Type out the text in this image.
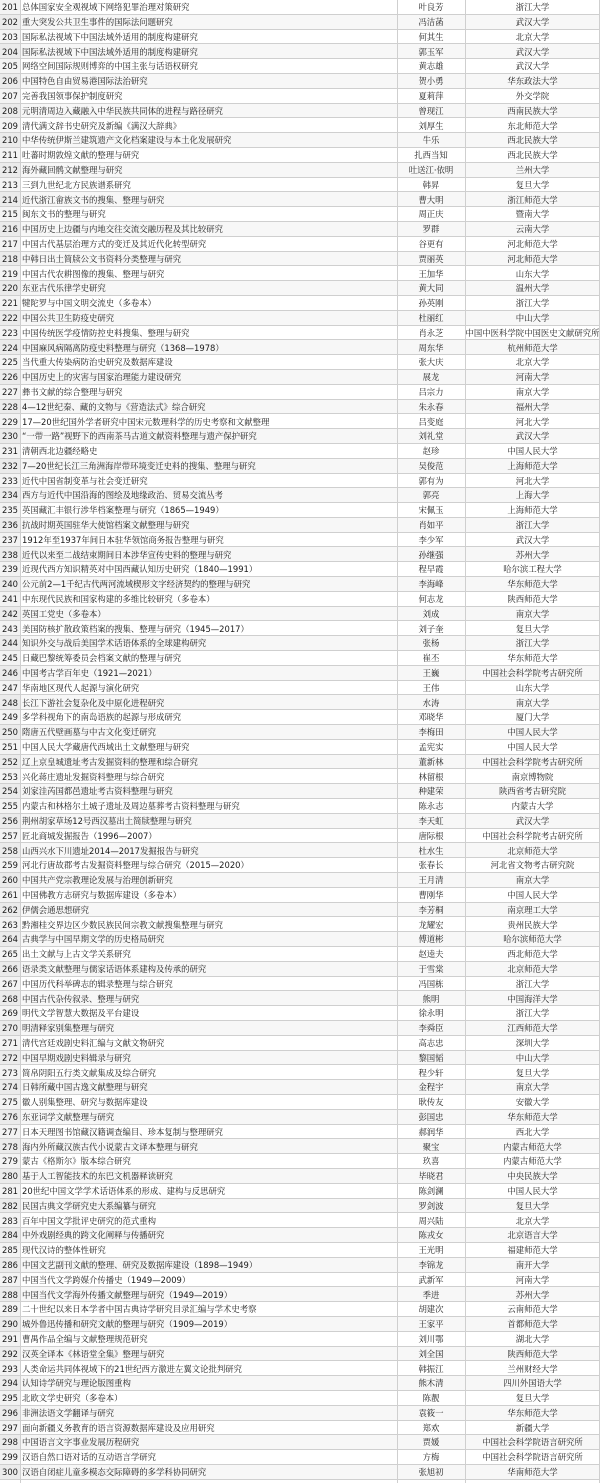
201 总体国家安全观视域下网络犯罪治理对策研究	叶良芳	浙江大学
202 重大突发公共卫生事件的国际法问题研究	冯洁菡	武汉大学
203 国际私法视域下中国法域外适用的制度构建研究	何其生	北京大学
204 国际私法视域下中国法域外适用的制度构建研究	郭玉军	武汉大学
205 网络空间国际规则博弈的中国主张与话语权研究	黄志雄	武汉大学
206 中国特色自由贸易港国际法治研究	贺小勇	华东政法大学
207 完善我国领事保护制度研究	夏莉萍	外交学院
208 元明清周边入藏融入中华民族共同体的进程与路径研究	曾现江	西南民族大学
209 清代满文辞书史研究及新编《满汉大辞典》	刘厚生	东北师范大学
210 中华传统伊斯兰建筑遗产文化档案建设与本土化发展研究	牛乐	西北民族大学
211 吐蕃时期敦煌文献的整理与研究	扎西当知	西北民族大学
212 海外藏回鹘文献整理与研究	吐送江·依明	兰州大学
213 三到九世纪北方民族谱系研究	韩昇	复旦大学
214 近代浙江畲族文书的搜集、整理与研究	曹大明	浙江师范大学
215 闽东文书的整理与研究	周正庆	暨南大学
216 中国历史上边疆与内地交往交流交融历程及其比较研究	罗群	云南大学
217 中国古代基层治理方式的变迁及其近代化转型研究	谷更有	河北师范大学
218 中韩日出土简牍公文书资料分类整理与研究	贾丽英	河北师范大学
219 中国古代农耕图像的搜集、整理与研究	王加华	山东大学
220 东亚古代乐律学史研究	黄大同	温州大学
221 犍陀罗与中国文明交流史（多卷本）	孙英刚	浙江大学
222 中国公共卫生防疫史研究	杜丽红	中山大学
223 中国传统医学疫情防控史料搜集、整理与研究	肖永芝	中国中医科学院中国医史文献研究所
224 中国麻风病隔离防疫史料整理与研究（1368—1978）	周东华	杭州师范大学
225 当代重大传染病防治史研究及数据库建设	张大庆	北京大学
226 中国历史上的灾害与国家治理能力建设研究	展龙	河南大学
227 彝书文献的综合整理与研究	吕宗力	南京大学
228 4—12世纪秦、藏的文物与《营造法式》综合研究	朱永春	福州大学
229 17—20世纪国外学者研究中国宋元数理科学的历史考察和文献整理	吕变庭	河北大学
230 “一带一路”视野下的西南茶马古道文献资料整理与遗产保护研究	刘礼堂	武汉大学
231 清朝西北边疆经略史	赵珍	中国人民大学
232 7—20世纪长江三角洲海岸带环境变迁史料的搜集、整理与研究	吴俊范	上海师范大学
233 近代中国省制变革与社会变迁研究	郭有为	河北大学
234 西方与近代中国沿海的图绘及地缘政治、贸易交流丛考	郭亮	上海大学
235 英国藏汇丰银行涉华档案整理与研究（1865—1949）	宋佩玉	上海师范大学
236 抗战时期英国驻华大使馆档案文献整理与研究	肖如平	浙江大学
237 1912年至1937年间日本驻华领馆商务报告整理与研究	李少军	武汉大学
238 近代以来至二战结束期间日本涉华宣传史料的整理与研究	孙继强	苏州大学
239 近现代西方知识精英对中国西藏认知历史研究（1840—1991）	程早霞	哈尔滨工程大学
240 公元前2—1千纪古代两河流域楔形文字经济契约的整理与研究	李海峰	华东师范大学
241 中东现代民族和国家构建的多维比较研究（多卷本）	何志龙	陕西师范大学
242 英国工党史（多卷本）	刘成	南京大学
243 美国防核扩散政策档案的搜集、整理与研究（1945—2017）	刘子奎	复旦大学
244 知识外交与战后美国学术话语体系的全球建构研究	张杨	浙江大学
245 日藏巴黎统筹委员会档案文献的整理与研究	崔丕	华东师范大学
246 中国考古学百年史（1921—2021）	王巍	中国社会科学院考古研究所
247 华南地区现代人起源与演化研究	王伟	山东大学
248 长江下游社会复杂化及中原化进程研究	水涛	南京大学
249 多学科视角下的南岛语族的起源与形成研究	邓晓华	厦门大学
250 隋唐五代壁画墓与中古文化变迁研究	李梅田	中国人民大学
251 中国人民大学藏唐代西域出土文献整理与研究	孟宪实	中国人民大学
252 辽上京皇城遗址考古发掘资料的整理和综合研究	董新林	中国社会科学院考古研究所
253 兴化蒋庄遗址发掘资料整理与综合研究	林留根	南京博物院
254 刘家洼芮国都邑遗址考古资料整理与研究	种建荣	陕西省考古研究院
255 内蒙古和林格尔土城子遗址及周边墓葬考古资料整理与研究	陈永志	内蒙古大学
256 荆州胡家草场12号西汉墓出土简牍整理与研究	李天虹	武汉大学
257 匠北商城发掘报告（1996—2007）	唐际根	中国社会科学院考古研究所
258 山西兴水下川遗址2014—2017发掘报告与研究	杜水生	北京师范大学
259 河北行唐故郡考古发掘资料整理与综合研究（2015—2020）	张春长	河北省文物考古研究院
260 中国共产党宗教理论发展与治理创新研究	王月清	南京大学
261 中国佛教方志研究与数据库建设（多卷本）	曹刚华	中国人民大学
262 伊儒会通思想研究	李芳桐	南京理工大学
263 黔湘桂交界边区少数民族民间宗教文献搜集整理与研究	龙耀宏	贵州民族大学
264 古典学与中国早期文学的历史格局研究	傅道彬	哈尔滨师范大学
265 出土文献与上古文学关系研究	赵逵夫	西北师范大学
266 语录类文献整理与儒家话语体系建构及传承的研究	于雪棠	北京师范大学
267 中国历代科举碑志的辑录整理与综合研究	冯国栋	浙江大学
268 中国古代杂传叙录、整理与研究	熊明	中国海洋大学
269 明代文学智慧大数据及平台建设	徐永明	浙江大学
270 明清释家别集整理与研究	李舜臣	江西师范大学
271 清代宫廷戏剧史料汇编与文献文物研究	高志忠	深圳大学
272 中国早期戏剧史料辑录与研究	黎国韬	中山大学
273 简帛阴阳五行类文献集成及综合研究	程少轩	复旦大学
274 日韩所藏中国古逸文献整理与研究	金程宇	南京大学
275 徽人别集整理、研究与数据库建设	耿传友	安徽大学
276 东亚词学文献整理与研究	彭国忠	华东师范大学
277 日本天理图书馆藏汉籍调查编目、珍本复制与整理研究	郝润华	西北大学
278 海内外所藏汉族古代小说蒙古文译本整理与研究	聚宝	内蒙古师范大学
279 蒙古《格斯尔》版本综合研究	玖喜	内蒙古师范大学
280 基于人工智能技术的东巴文机器释读研究	毕晓君	中央民族大学
281 20世纪中国文学学术话语体系的形成、建构与反思研究	陈剑澜	中国人民大学
282 民国古典文学研究史大系编纂与研究	罗剑波	复旦大学
283 百年中国文学批评史研究的范式重构	周兴陆	北京大学
284 中外戏剧经典的跨文化阐释与传播研究	陈戎女	北京语言大学
285 现代汉诗的整体性研究	王光明	福建师范大学
286 中国文艺副刊文献的整理、研究及数据库建设（1898—1949）	李锦龙	南开大学
287 中国当代文学跨媒介传播史（1949—2009）	武新军	河南大学
288 中国当代文学海外传播文献整理与研究（1949—2019）	季进	苏州大学
289 二十世纪以来日本学者中国古典诗学研究目录汇编与学术史考察	胡建次	云南师范大学
290 城外鲁迅传播和研究文献的整理与研究（1909—2019）	王家平	首都师范大学
291 曹禺作品全编与文献整理规范研究	刘川鄂	湖北大学
292 汉英全译本《林语堂全集》整理与研究	刘全国	陕西师范大学
293 人类命运共同体视域下的21世纪西方激进左翼文论批判研究	韩振江	兰州财经大学
294 认知诗学研究与理论版图重构	熊木清	四川外国语大学
295 北欧文学史研究（多卷本）	陈靓	复旦大学
296 非洲法语文学翻译与研究	袁筱一	华东师范大学
297 面向新疆义务教育的语言资源数据库建设及应用研究	郑欢	新疆大学
298 中国语言文字事业发展历程研究	贾媛	中国社会科学院语言研究所
299 汉语自然口语对话的互动语言学研究	方梅	中国社会科学院语言研究所
300 汉语自闭症儿童多模态交际障碍的多学科协同研究	张旭初	华南师范大学
